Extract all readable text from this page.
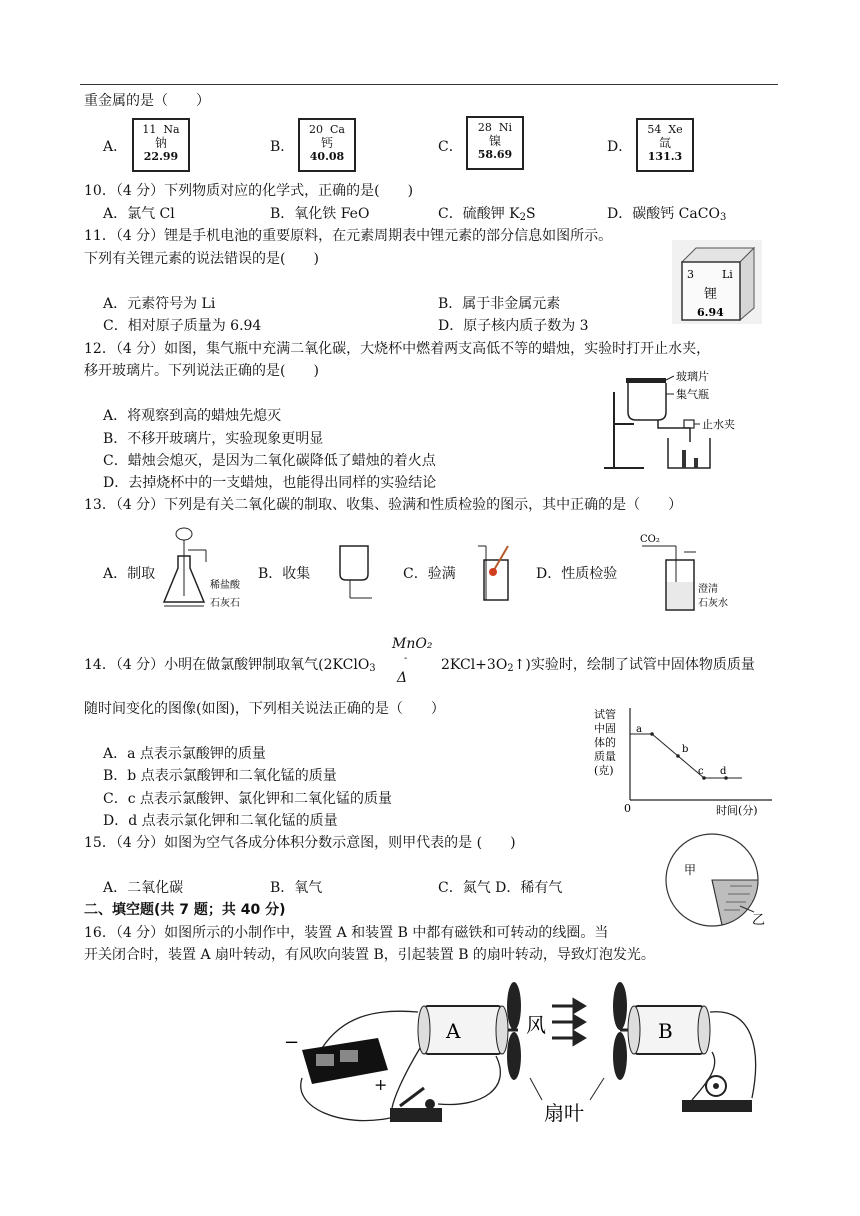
重金属的是（　　）
A．
11 Na
钠
22.99
B．
20 Ca
钙
40.08
C．
28 Ni
镍
58.69	D．
54 Xe
氙
131.3
10．（4 分）下列物质对应的化学式，正确的是(　　)
A．氯气 Cl	B．氧化铁 FeO	C．硫酸钾 $K_2S$	D．碳酸钙 CaCO$_3$
11．（4 分）锂是手机电池的重要原料，在元素周期表中锂元素的部分信息如图所示。
下列有关锂元素的说法错误的是(　　)
A．元素符号为 Li	B．属于非金属元素
C．相对原子质量为 6.94	D．原子核内质子数为 3
3	Li
锂
6.94
12．（4 分）如图，集气瓶中充满二氧化碳，大烧杯中燃着两支高低不等的蜡烛，实验时打开止水夹，
移开玻璃片。下列说法正确的是(　　)
A．将观察到高的蜡烛先熄灭
B．不移开玻璃片，实验现象更明显
C．蜡烛会熄灭，是因为二氧化碳降低了蜡烛的着火点
D．去掉烧杯中的一支蜡烛，也能得出同样的实验结论
玻璃片
集气瓶
止水夹
13．（4 分）下列是有关二氧化碳的制取、收集、验满和性质检验的图示，其中正确的是（　　）
A．制取	B．收集	C．验满	D．性质检验
稀盐酸
石灰石
CO₂
澄清
石灰水
MnO₂
-
Δ
14．（4 分）小明在做氯酸钾制取氧气(2KClO$_3$	$2KCl+3O_2↑$)实验时，绘制了试管中固体物质质量
随时间变化的图像(如图)，下列相关说法正确的是（　　）
A．a 点表示氯酸钾的质量
B．b 点表示氯酸钾和二氧化锰的质量
C．c 点表示氯酸钾、氯化钾和二氧化锰的质量
D．d 点表示氯化钾和二氧化锰的质量
试管
中固
体的
质量
(克)
0	时间(分)
a
b
c d
15．（4 分）如图为空气各成分体积分数示意图，则甲代表的是 (　　)
A．二氧化碳	B．氧气	C．氮气 D．稀有气
甲
乙
二、填空题(共 7 题；共 40 分)
16．（4 分）如图所示的小制作中，装置 A 和装置 B 中都有磁铁和可转动的线圈。当
开关闭合时，装置 A 扇叶转动，有风吹向装置 B，引起装置 B 的扇叶转动，导致灯泡发光。
−
+
A	风	B
扇叶
